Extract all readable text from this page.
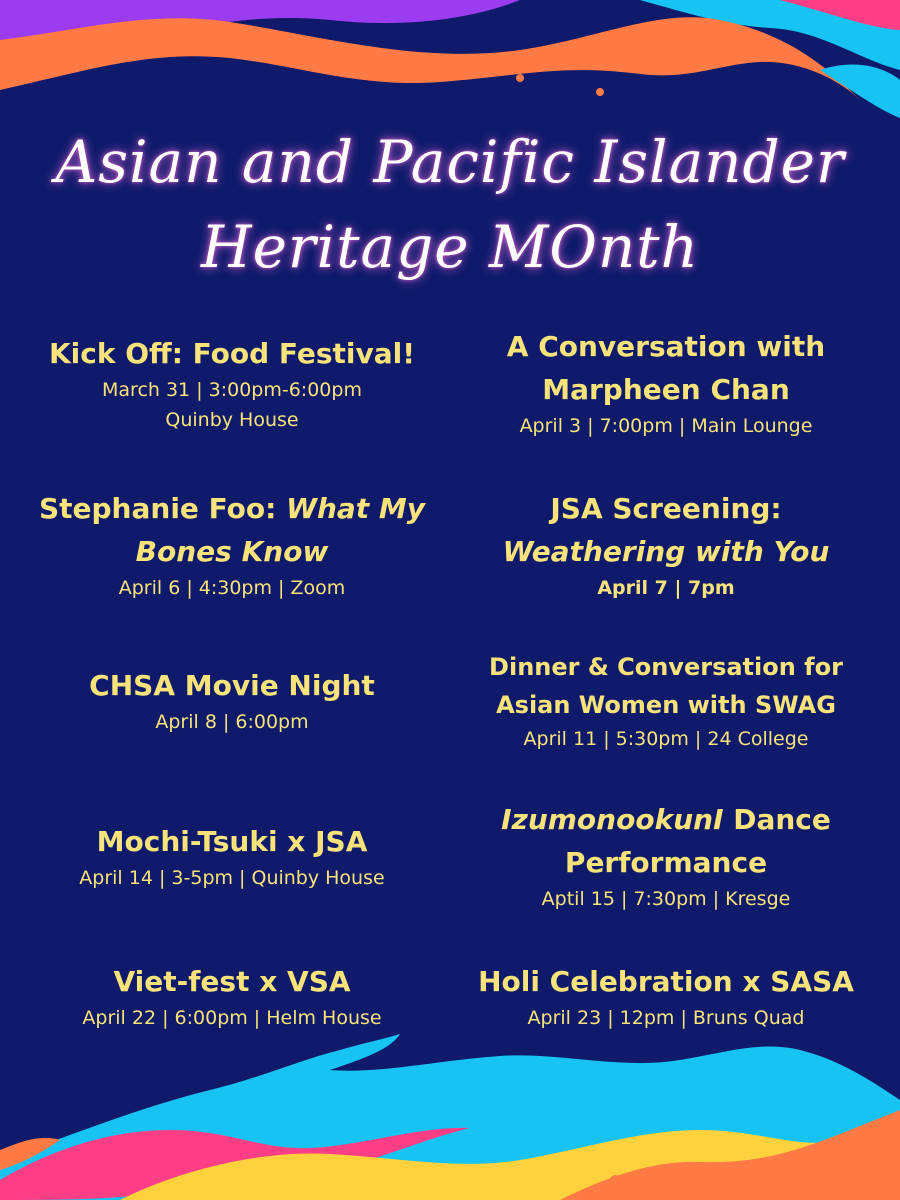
Asian and Pacific Islander
Heritage MOnth
Kick Off: Food Festival!
March 31 | 3:00pm-6:00pm
Quinby House
A Conversation with
Marpheen Chan
April 3 | 7:00pm | Main Lounge
Stephanie Foo: What My
Bones Know
April 6 | 4:30pm | Zoom
JSA Screening:
Weathering with You
April 7 | 7pm
CHSA Movie Night
April 8 | 6:00pm
Dinner & Conversation for
Asian Women with SWAG
April 11 | 5:30pm | 24 College
Mochi-Tsuki x JSA
April 14 | 3-5pm | Quinby House
IzumonookunI Dance
Performance
Aptil 15 | 7:30pm | Kresge
Viet-fest x VSA
April 22 | 6:00pm | Helm House
Holi Celebration x SASA
April 23 | 12pm | Bruns Quad
